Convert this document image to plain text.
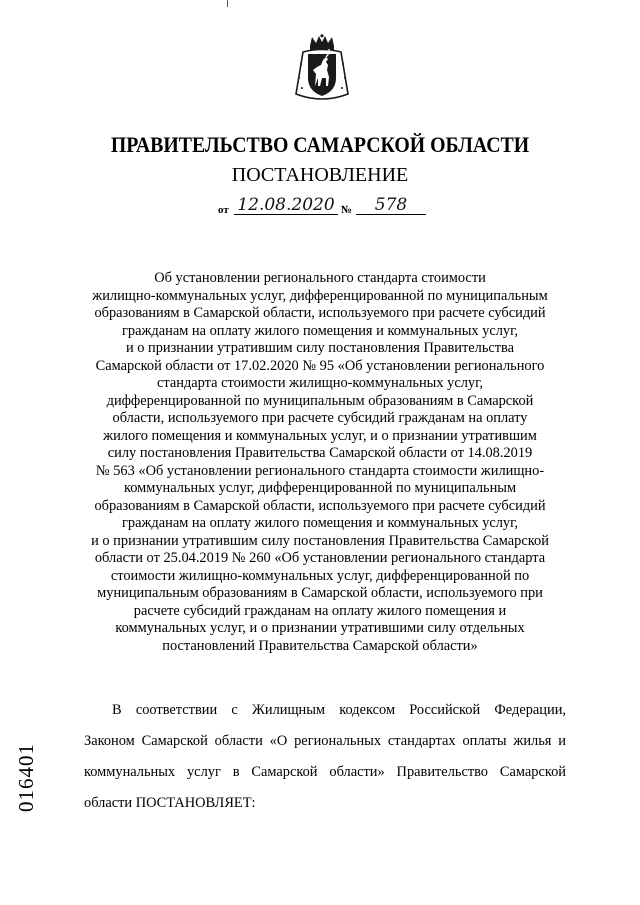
ПРАВИТЕЛЬСТВО САМАРСКОЙ ОБЛАСТИ
ПОСТАНОВЛЕНИЕ
от 12.08.2020 №	578
Об установлении регионального стандарта стоимости
жилищно-коммунальных услуг, дифференцированной по муниципальным
образованиям в Самарской области, используемого при расчете субсидий
гражданам на оплату жилого помещения и коммунальных услуг,
и о признании утратившим силу постановления Правительства
Самарской области от 17.02.2020 № 95 «Об установлении регионального
стандарта стоимости жилищно-коммунальных услуг,
дифференцированной по муниципальным образованиям в Самарской
области, используемого при расчете субсидий гражданам на оплату
жилого помещения и коммунальных услуг, и о признании утратившим
силу постановления Правительства Самарской области от 14.08.2019
№ 563 «Об установлении регионального стандарта стоимости жилищно-
коммунальных услуг, дифференцированной по муниципальным
образованиям в Самарской области, используемого при расчете субсидий
гражданам на оплату жилого помещения и коммунальных услуг,
и о признании утратившим силу постановления Правительства Самарской
области от 25.04.2019 № 260 «Об установлении регионального стандарта
стоимости жилищно-коммунальных услуг, дифференцированной по
муниципальным образованиям в Самарской области, используемого при
расчете субсидий гражданам на оплату жилого помещения и
коммунальных услуг, и о признании утратившими силу отдельных
постановлений Правительства Самарской области»
В соответствии с Жилищным кодексом Российской Федерации,
Законом Самарской области «О региональных стандартах оплаты жилья и
коммунальных услуг в Самарской области» Правительство Самарской
области ПОСТАНОВЛЯЕТ:
016401
